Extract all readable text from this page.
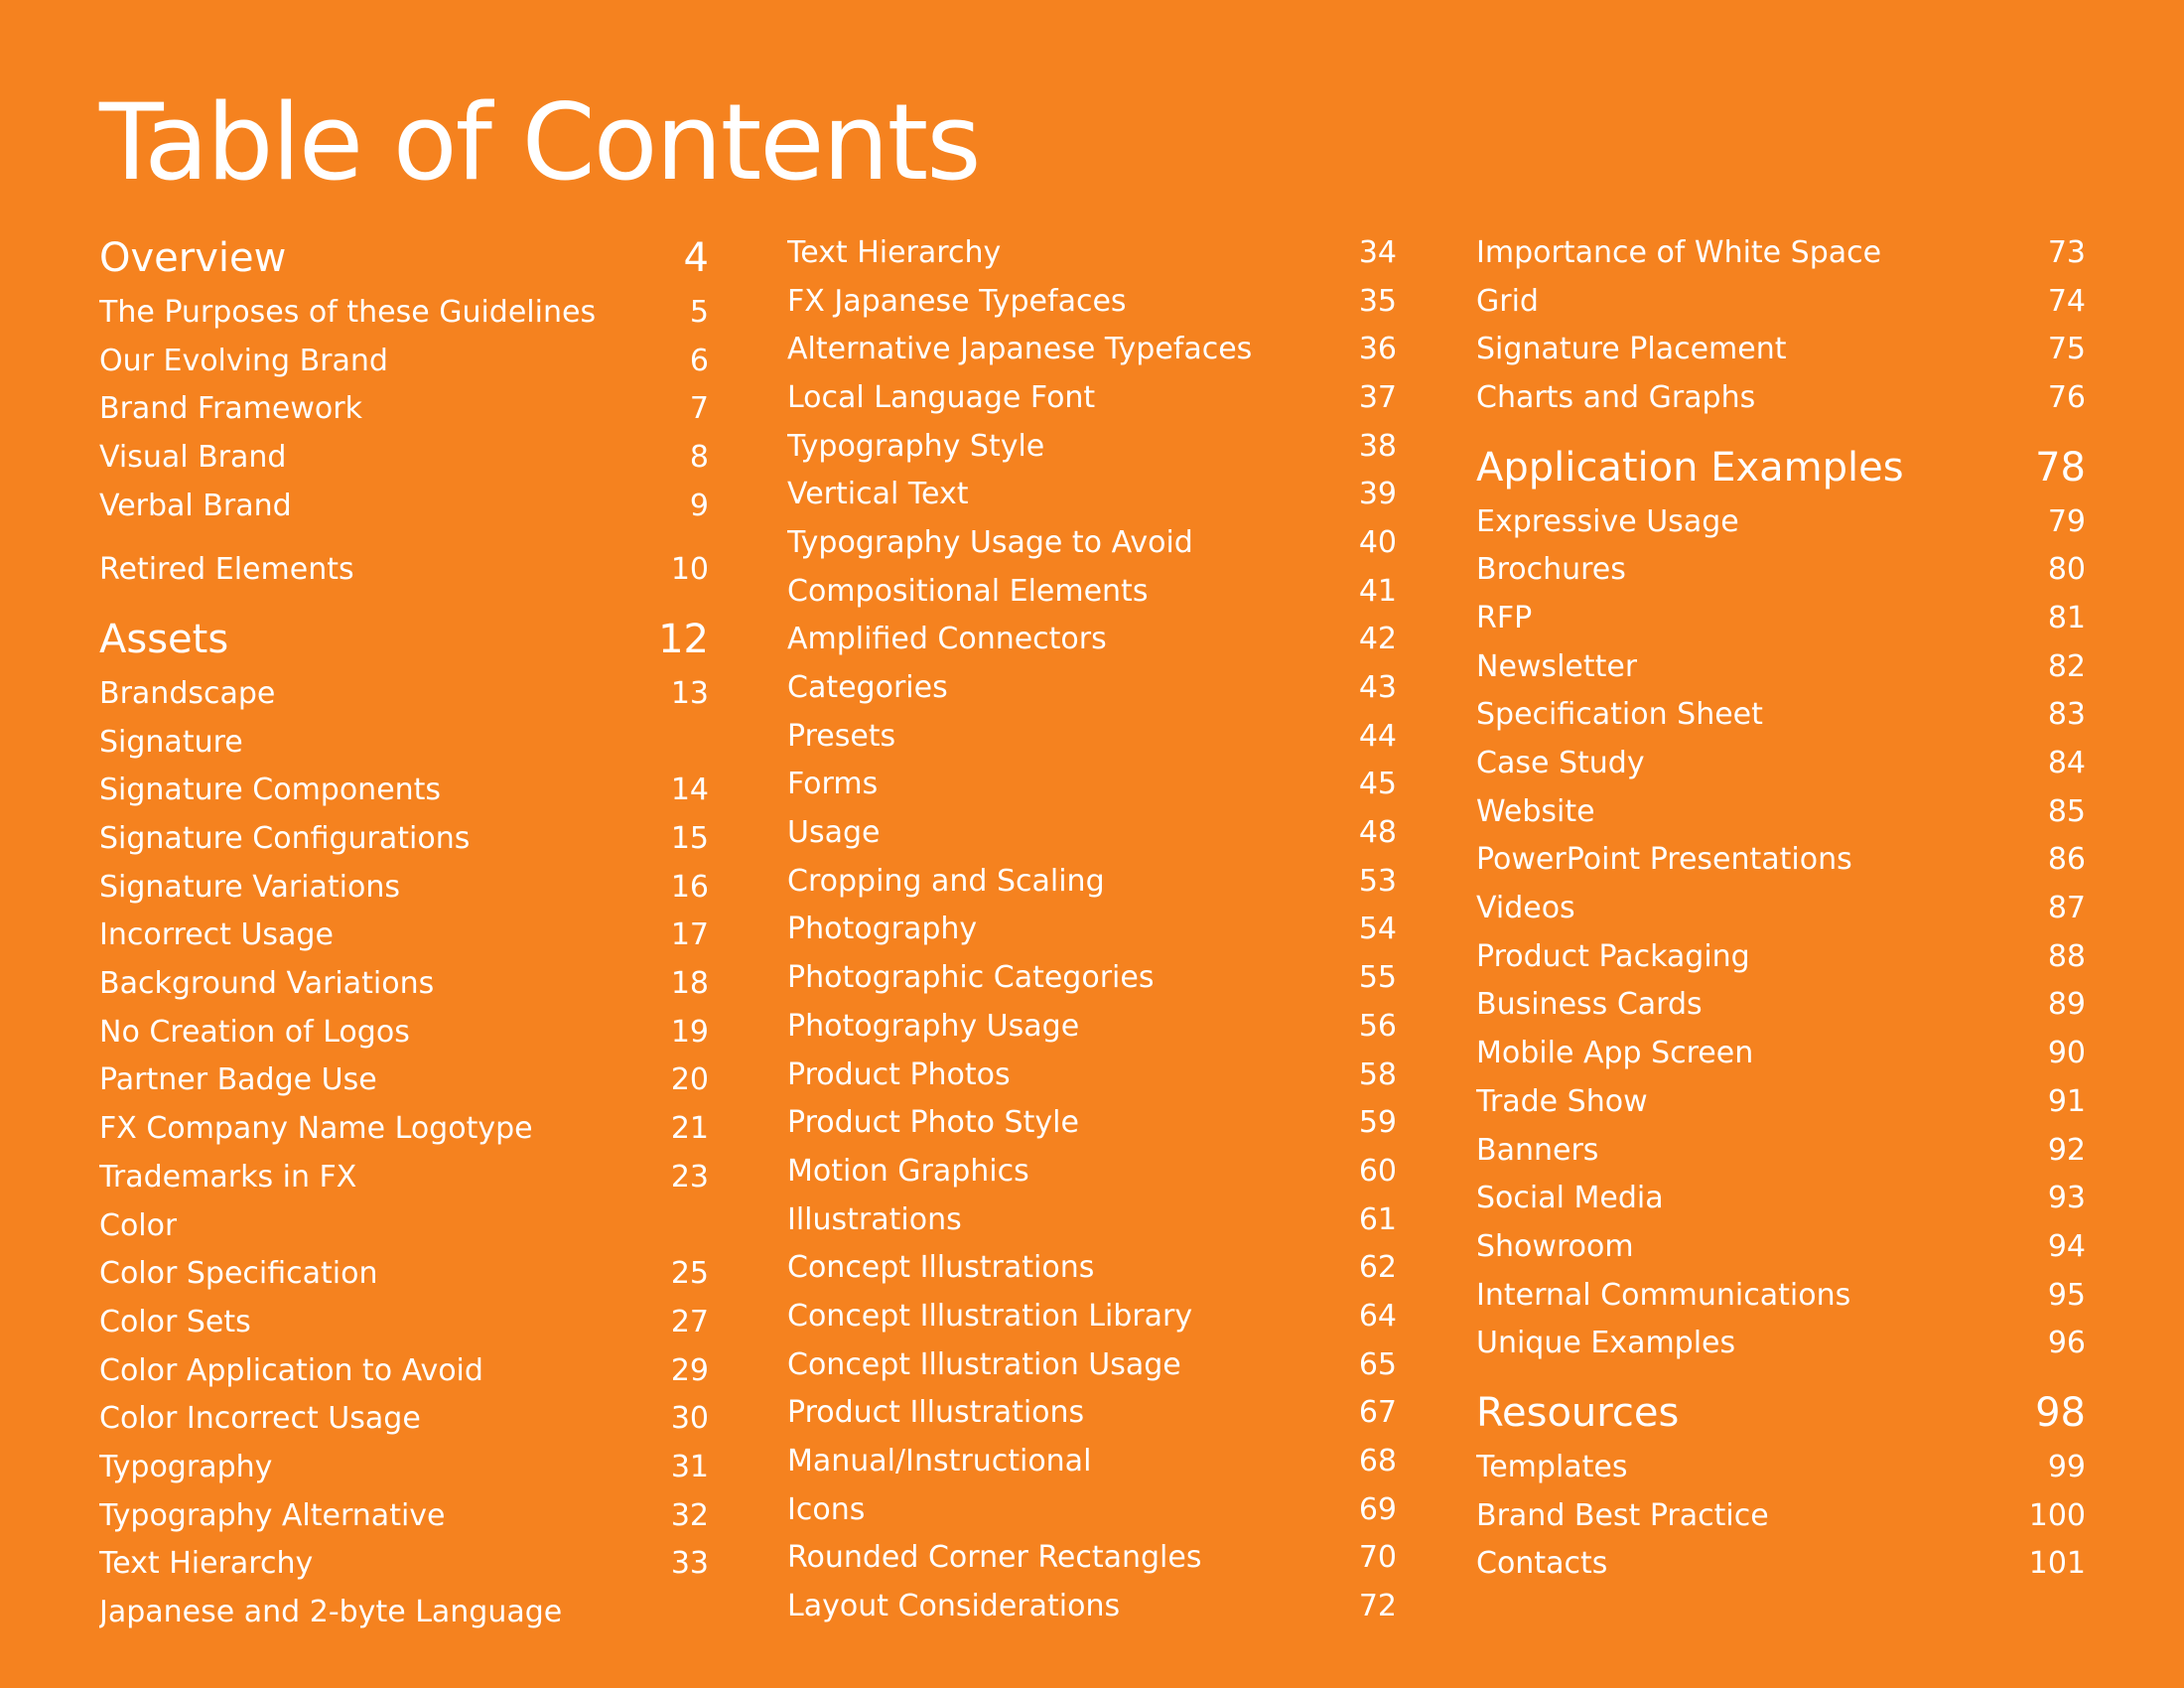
Table of Contents
Overview	4
The Purposes of these Guidelines	5
Our Evolving Brand	6
Brand Framework	7
Visual Brand	8
Verbal Brand	9
Retired Elements	10
Assets	12
Brandscape	13
Signature
Signature Components	14
Signature Configurations	15
Signature Variations	16
Incorrect Usage	17
Background Variations	18
No Creation of Logos	19
Partner Badge Use	20
FX Company Name Logotype	21
Trademarks in FX	23
Color
Color Specification	25
Color Sets	27
Color Application to Avoid	29
Color Incorrect Usage	30
Typography	31
Typography Alternative	32
Text Hierarchy	33
Japanese and 2-byte Language
Text Hierarchy	34
FX Japanese Typefaces	35
Alternative Japanese Typefaces	36
Local Language Font	37
Typography Style	38
Vertical Text	39
Typography Usage to Avoid	40
Compositional Elements	41
Amplified Connectors	42
Categories	43
Presets	44
Forms	45
Usage	48
Cropping and Scaling	53
Photography	54
Photographic Categories	55
Photography Usage	56
Product Photos	58
Product Photo Style	59
Motion Graphics	60
Illustrations	61
Concept Illustrations	62
Concept Illustration Library	64
Concept Illustration Usage	65
Product Illustrations	67
Manual/Instructional	68
Icons	69
Rounded Corner Rectangles	70
Layout Considerations	72
Importance of White Space	73
Grid	74
Signature Placement	75
Charts and Graphs	76
Application Examples	78
Expressive Usage	79
Brochures	80
RFP	81
Newsletter	82
Specification Sheet	83
Case Study	84
Website	85
PowerPoint Presentations	86
Videos	87
Product Packaging	88
Business Cards	89
Mobile App Screen	90
Trade Show	91
Banners	92
Social Media	93
Showroom	94
Internal Communications	95
Unique Examples	96
Resources	98
Templates	99
Brand Best Practice	100
Contacts	101
